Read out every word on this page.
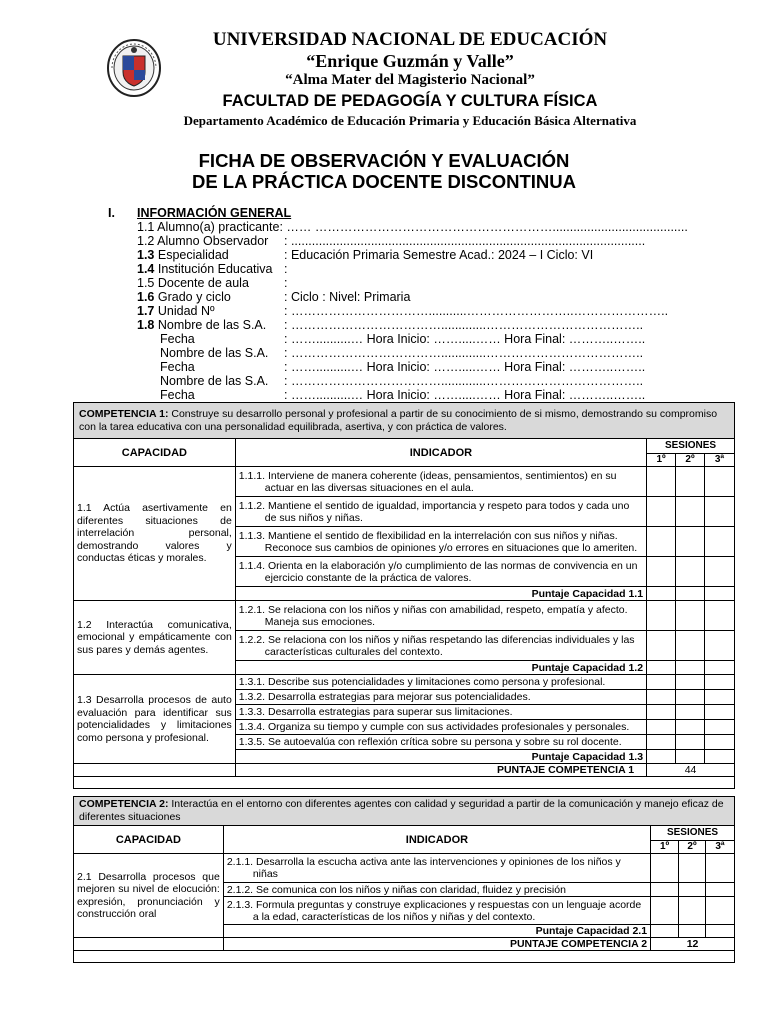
UNIVERSIDAD NACIONAL DE EDUCACIÓN
“Enrique Guzmán y Valle”
“Alma Mater del Magisterio Nacional”
FACULTAD DE PEDAGOGÍA Y CULTURA FÍSICA
Departamento Académico de Educación Primaria y Educación Básica Alternativa
FICHA DE OBSERVACIÓN Y EVALUACIÓN
DE LA PRÁCTICA DOCENTE DISCONTINUA
I. INFORMACIÓN GENERAL
1.1 Alumno(a) practicante: …… ………………………………………………….......................................
1.2 Alumno Observador : ......................................................................................................
1.3 Especialidad	: Educación Primaria Semestre Acad.: 2024 – I Ciclo: VI
1.4 Institución Educativa :
1.5 Docente de aula	:
1.6 Grado y ciclo	: Ciclo : Nivel: Primaria
1.7 Unidad Nº	: ……………………………...........……………………..…………………..
1.8 Nombre de las S.A. : ……………………………….............………………………………..
Fecha	: ……..........… Hora Inicio: …….....…… Hora Final: ………..……..
Nombre de las S.A. : ……………………………….............………………………………..
Fecha	: ……..........… Hora Inicio: …….....…… Hora Final: ………..……..
Nombre de las S.A. : ……………………………….............………………………………..
Fecha	: ……..........… Hora Inicio: …….....…… Hora Final: ………..……..
COMPETENCIA 1: Construye su desarrollo personal y profesional a partir de su conocimiento de si mismo, demostrando su compromiso con la tarea educativa con una personalidad equilibrada, asertiva, y con práctica de valores.				
CAPACIDAD	INDICADOR	SESIONES		
		1º	2º	3ª
1.1 Actúa asertivamente en diferentes situaciones de interrelación personal, demostrando valores y conductas éticas y morales.	1.1.1. Interviene de manera coherente (ideas, pensamientos, sentimientos) en su actuar en las diversas situaciones en el aula.			

	1.1.2. Mantiene el sentido de igualdad, importancia y respeto para todos y cada uno de sus niños y niñas.			

	1.1.3. Mantiene el sentido de flexibilidad en la interrelación con sus niños y niñas. Reconoce sus cambios de opiniones y/o errores en situaciones que lo ameriten.			

	1.1.4. Orienta en la elaboración y/o cumplimiento de las normas de convivencia en un ejercicio constante de la práctica de valores.			

	Puntaje Capacidad 1.1			
1.2 Interactúa comunicativa, emocional y empáticamente con sus pares y demás agentes.	1.2.1. Se relaciona con los niños y niñas con amabilidad, respeto, empatía y afecto. Maneja sus emociones.			

	1.2.2. Se relaciona con los niños y niñas respetando las diferencias individuales y las características culturales del contexto.			

	Puntaje Capacidad 1.2			
1.3 Desarrolla procesos de auto evaluación para identificar sus potencialidades y limitaciones como persona y profesional.	1.3.1. Describe sus potencialidades y limitaciones como persona y profesional.			
	1.3.2. Desarrolla estrategias para mejorar sus potencialidades.			
	1.3.3. Desarrolla estrategias para superar sus limitaciones.			
	1.3.4. Organiza su tiempo y cumple con sus actividades profesionales y personales.			
	1.3.5. Se autoevalúa con reflexión crítica sobre su persona y sobre su rol docente.			
	Puntaje Capacidad 1.3			
	PUNTAJE COMPETENCIA 1	44		

COMPETENCIA 2: Interactúa en el entorno con diferentes agentes con calidad y seguridad a partir de la comunicación y manejo eficaz de diferentes situaciones				
CAPACIDAD	INDICADOR	SESIONES		
		1º	2º	3ª
2.1 Desarrolla procesos que mejoren su nivel de elocución: expresión, pronunciación y construcción oral	2.1.1. Desarrolla la escucha activa ante las intervenciones y opiniones de los niños y niñas			

	2.1.2. Se comunica con los niños y niñas con claridad, fluidez y precisión			

	2.1.3. Formula preguntas y construye explicaciones y respuestas con un lenguaje acorde a la edad, características de los niños y niñas y del contexto.			

	Puntaje Capacidad 2.1			
	PUNTAJE COMPETENCIA 2	12		
